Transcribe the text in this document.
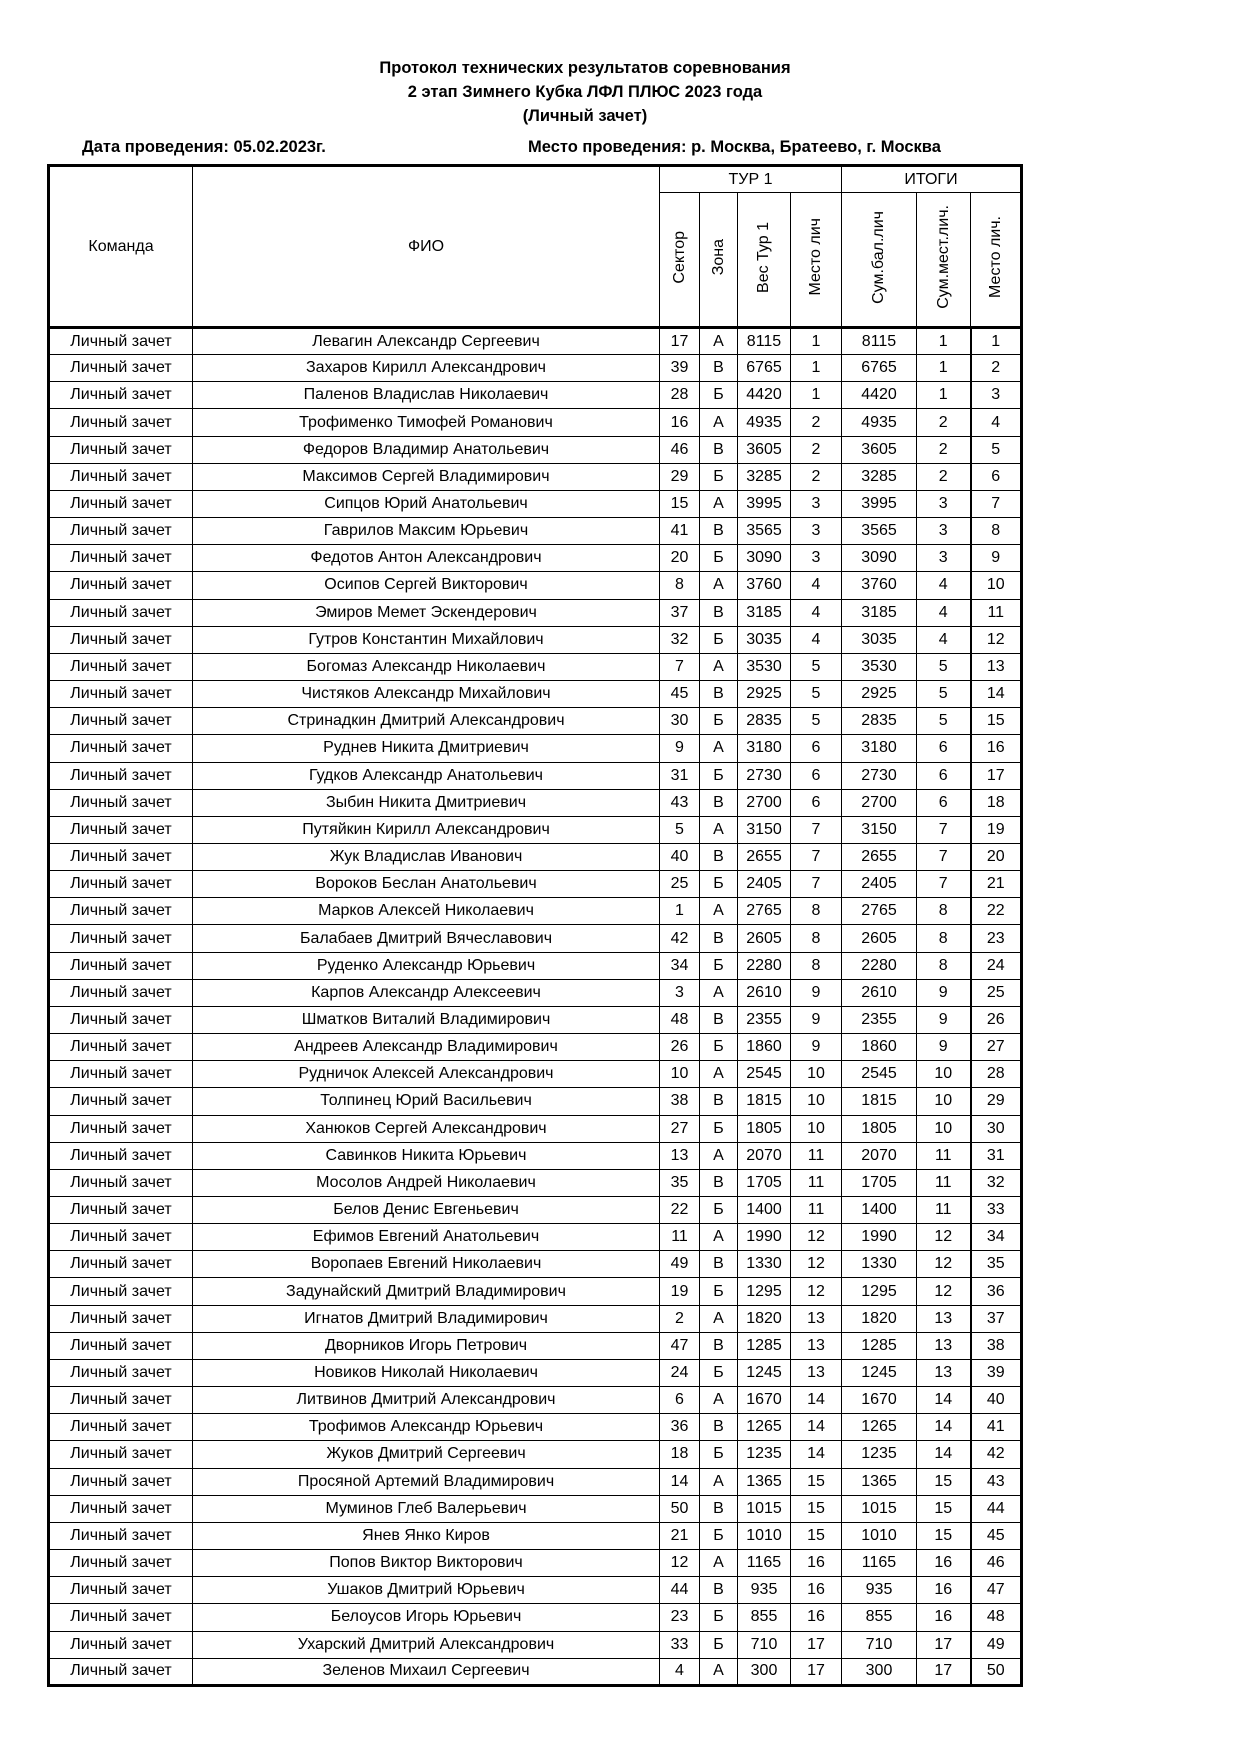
Протокол технических результатов соревнования
2 этап Зимнего Кубка ЛФЛ ПЛЮС 2023 года
(Личный зачет)
Дата проведения: 05.02.2023г.	Место проведения: р. Москва, Братеево, г. Москва
Команда	ФИО	ТУР 1				ИТОГИ		
		Сектор	Зона	Вес Тур 1	Место лич	Сум.бал.лич	Сум.мест.лич.	Место лич.
Личный зачет	Левагин Александр Сергеевич	17	А	8115	1	8115	1	1
Личный зачет	Захаров Кирилл Александрович	39	В	6765	1	6765	1	2
Личный зачет	Паленов Владислав Николаевич	28	Б	4420	1	4420	1	3
Личный зачет	Трофименко Тимофей Романович	16	А	4935	2	4935	2	4
Личный зачет	Федоров Владимир Анатольевич	46	В	3605	2	3605	2	5
Личный зачет	Максимов Сергей Владимирович	29	Б	3285	2	3285	2	6
Личный зачет	Сипцов Юрий Анатольевич	15	А	3995	3	3995	3	7
Личный зачет	Гаврилов Максим Юрьевич	41	В	3565	3	3565	3	8
Личный зачет	Федотов Антон Александрович	20	Б	3090	3	3090	3	9
Личный зачет	Осипов Сергей Викторович	8	А	3760	4	3760	4	10
Личный зачет	Эмиров Мемет Эскендерович	37	В	3185	4	3185	4	11
Личный зачет	Гутров Константин Михайлович	32	Б	3035	4	3035	4	12
Личный зачет	Богомаз Александр Николаевич	7	А	3530	5	3530	5	13
Личный зачет	Чистяков Александр Михайлович	45	В	2925	5	2925	5	14
Личный зачет	Стринадкин Дмитрий Александрович	30	Б	2835	5	2835	5	15
Личный зачет	Руднев Никита Дмитриевич	9	А	3180	6	3180	6	16
Личный зачет	Гудков Александр Анатольевич	31	Б	2730	6	2730	6	17
Личный зачет	Зыбин Никита Дмитриевич	43	В	2700	6	2700	6	18
Личный зачет	Путяйкин Кирилл Александрович	5	А	3150	7	3150	7	19
Личный зачет	Жук Владислав Иванович	40	В	2655	7	2655	7	20
Личный зачет	Вороков Беслан Анатольевич	25	Б	2405	7	2405	7	21
Личный зачет	Марков Алексей Николаевич	1	А	2765	8	2765	8	22
Личный зачет	Балабаев Дмитрий Вячеславович	42	В	2605	8	2605	8	23
Личный зачет	Руденко Александр Юрьевич	34	Б	2280	8	2280	8	24
Личный зачет	Карпов Александр Алексеевич	3	А	2610	9	2610	9	25
Личный зачет	Шматков Виталий Владимирович	48	В	2355	9	2355	9	26
Личный зачет	Андреев Александр Владимирович	26	Б	1860	9	1860	9	27
Личный зачет	Рудничок Алексей Александрович	10	А	2545	10	2545	10	28
Личный зачет	Толпинец Юрий Васильевич	38	В	1815	10	1815	10	29
Личный зачет	Ханюков Сергей Александрович	27	Б	1805	10	1805	10	30
Личный зачет	Савинков Никита Юрьевич	13	А	2070	11	2070	11	31
Личный зачет	Мосолов Андрей Николаевич	35	В	1705	11	1705	11	32
Личный зачет	Белов Денис Евгеньевич	22	Б	1400	11	1400	11	33
Личный зачет	Ефимов Евгений Анатольевич	11	А	1990	12	1990	12	34
Личный зачет	Воропаев Евгений Николаевич	49	В	1330	12	1330	12	35
Личный зачет	Задунайский Дмитрий Владимирович	19	Б	1295	12	1295	12	36
Личный зачет	Игнатов Дмитрий Владимирович	2	А	1820	13	1820	13	37
Личный зачет	Дворников Игорь Петрович	47	В	1285	13	1285	13	38
Личный зачет	Новиков Николай Николаевич	24	Б	1245	13	1245	13	39
Личный зачет	Литвинов Дмитрий Александрович	6	А	1670	14	1670	14	40
Личный зачет	Трофимов Александр Юрьевич	36	В	1265	14	1265	14	41
Личный зачет	Жуков Дмитрий Сергеевич	18	Б	1235	14	1235	14	42
Личный зачет	Просяной Артемий Владимирович	14	А	1365	15	1365	15	43
Личный зачет	Муминов Глеб Валерьевич	50	В	1015	15	1015	15	44
Личный зачет	Янев Янко Киров	21	Б	1010	15	1010	15	45
Личный зачет	Попов Виктор Викторович	12	А	1165	16	1165	16	46
Личный зачет	Ушаков Дмитрий Юрьевич	44	В	935	16	935	16	47
Личный зачет	Белоусов Игорь Юрьевич	23	Б	855	16	855	16	48
Личный зачет	Ухарский Дмитрий Александрович	33	Б	710	17	710	17	49
Личный зачет	Зеленов Михаил Сергеевич	4	А	300	17	300	17	50
